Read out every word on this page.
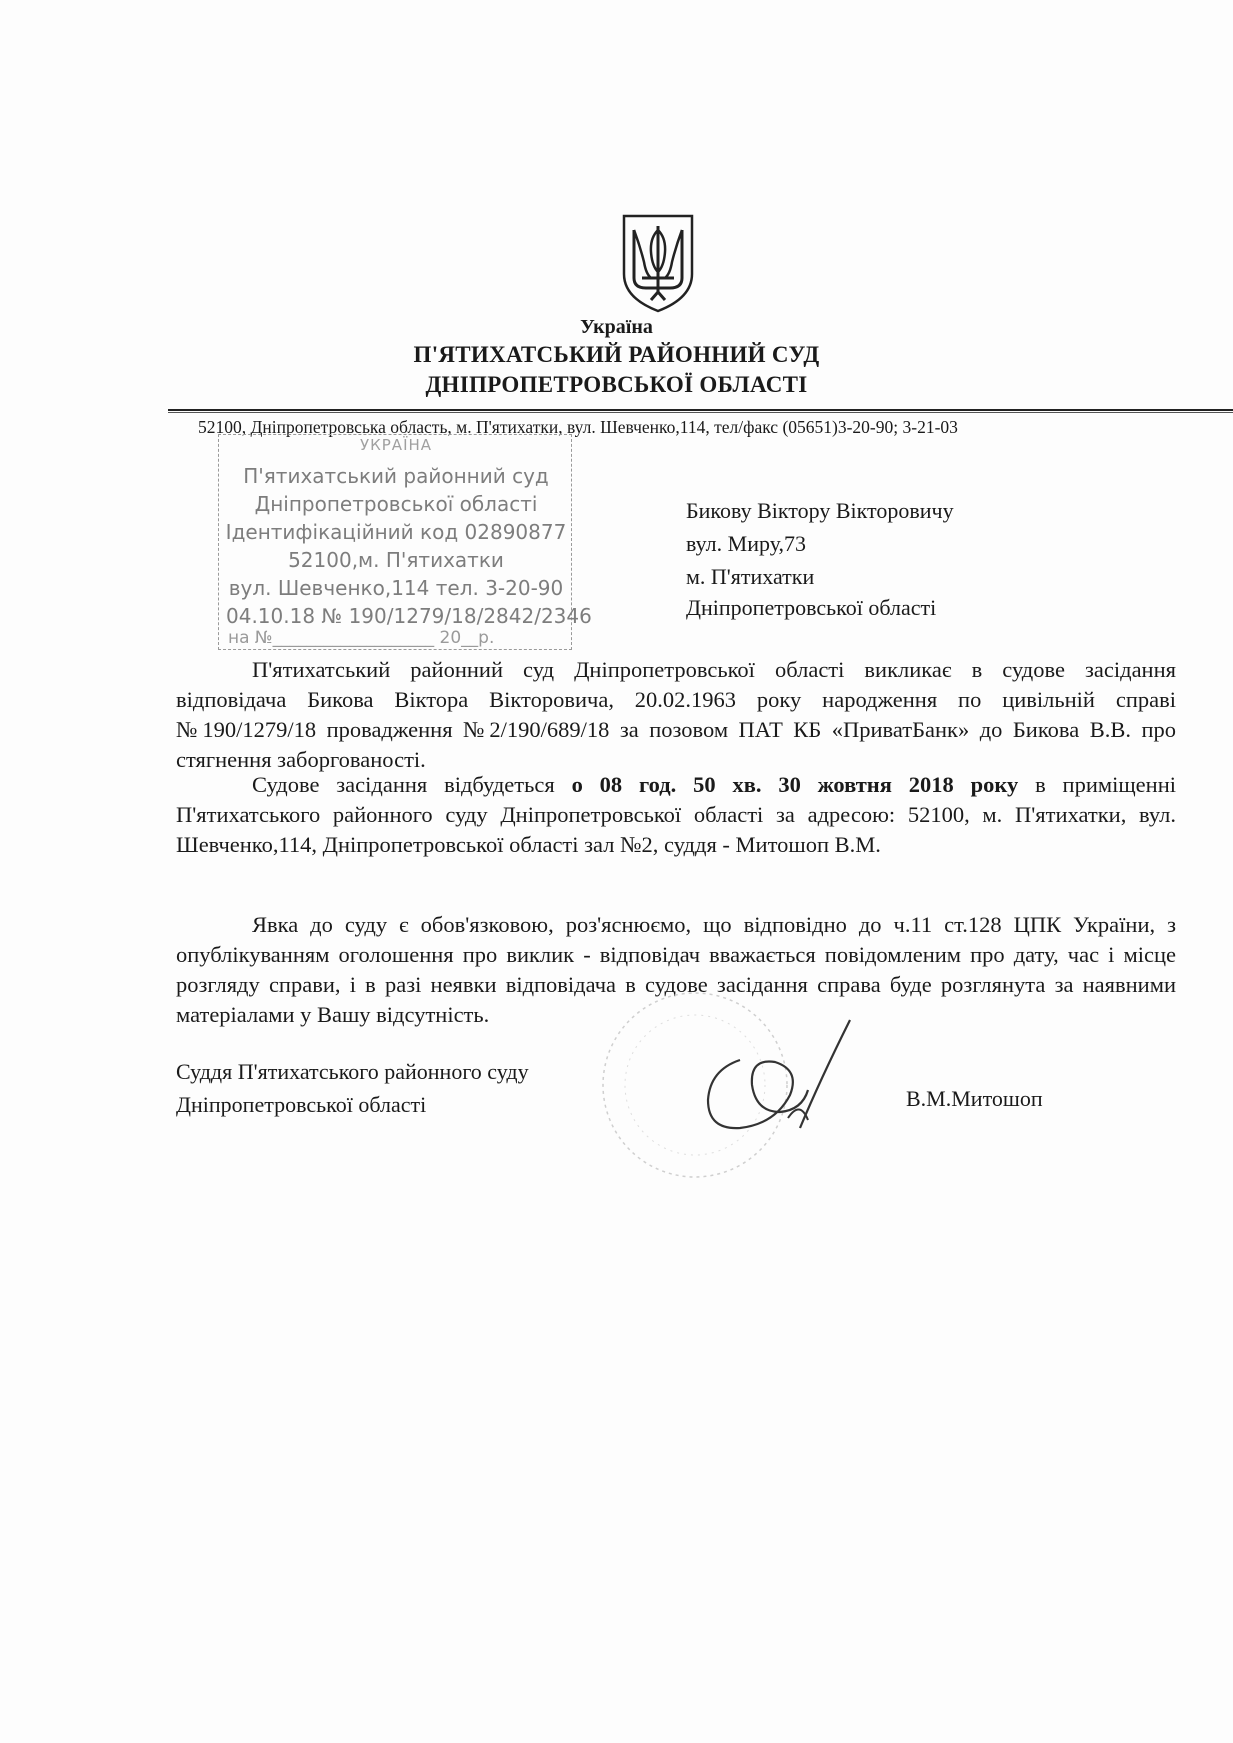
Україна
П'ЯТИХАТСЬКИЙ РАЙОННИЙ СУД
ДНІПРОПЕТРОВСЬКОЇ ОБЛАСТІ
52100, Дніпропетровська область, м. П'ятихатки, вул. Шевченко,114, тел/факс (05651)3-20-90; 3-21-03
УКРАЇНА
П'ятихатський районний суд
Дніпропетровської області
Ідентифікаційний код 02890877
52100,м. П'ятихатки
вул. Шевченко,114 тел. 3-20-90
04.10.18 № 190/1279/18/2842/2346
на №___________________ 20__р.
Бикову Віктору Вікторовичу
вул. Миру,73
м. П'ятихатки
Дніпропетровської області
П'ятихатський районний суд Дніпропетровської області викликає в судове засідання відповідача Бикова Віктора Вікторовича, 20.02.1963 року народження по цивільній справі №190/1279/18 провадження №2/190/689/18 за позовом ПАТ КБ «ПриватБанк» до Бикова В.В. про стягнення заборгованості.
Судове засідання відбудеться о 08 год. 50 хв. 30 жовтня 2018 року в приміщенні П'ятихатського районного суду Дніпропетровської області за адресою: 52100, м. П'ятихатки, вул. Шевченко,114, Дніпропетровської області зал №2, суддя - Митошоп В.М.
Явка до суду є обов'язковою, роз'яснюємо, що відповідно до ч.11 ст.128 ЦПК України, з опублікуванням оголошення про виклик - відповідач вважається повідомленим про дату, час і місце розгляду справи, і в разі неявки відповідача в судове засідання справа буде розглянута за наявними матеріалами у Вашу відсутність.
Суддя П'ятихатського районного суду
Дніпропетровської області	В.М.Митошоп
